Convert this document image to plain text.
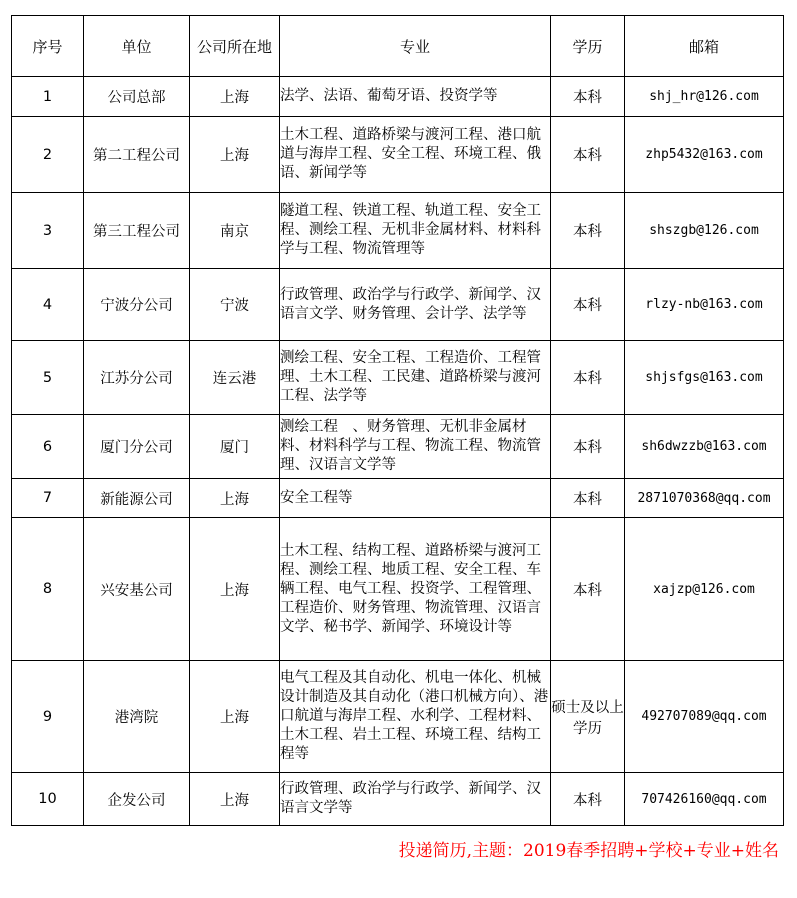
序号	单位	公司所在地	专业	学历	邮箱
1	公司总部	上海	法学、法语、葡萄牙语、投资学等	本科	shj_hr@126.com
2	第二工程公司	上海	土木工程、道路桥梁与渡河工程、港口航道与海岸工程、安全工程、环境工程、俄语、新闻学等	本科	zhp5432@163.com
3	第三工程公司	南京	隧道工程、铁道工程、轨道工程、安全工程、测绘工程、无机非金属材料、材料科学与工程、物流管理等	本科	shszgb@126.com
4	宁波分公司	宁波	行政管理、政治学与行政学、新闻学、汉语言文学、财务管理、会计学、法学等	本科	rlzy-nb@163.com
5	江苏分公司	连云港	测绘工程、安全工程、工程造价、工程管理、土木工程、工民建、道路桥梁与渡河工程、法学等	本科	shjsfgs@163.com
6	厦门分公司	厦门	测绘工程　、财务管理、无机非金属材料、材料科学与工程、物流工程、物流管理、汉语言文学等	本科	sh6dwzzb@163.com
7	新能源公司	上海	安全工程等	本科	2871070368@qq.com
8	兴安基公司	上海	土木工程、结构工程、道路桥梁与渡河工程、测绘工程、地质工程、安全工程、车辆工程、电气工程、投资学、工程管理、工程造价、财务管理、物流管理、汉语言文学、秘书学、新闻学、环境设计等	本科	xajzp@126.com
9	港湾院	上海	电气工程及其自动化、机电一体化、机械设计制造及其自动化（港口机械方向）、港口航道与海岸工程、水利学、工程材料、土木工程、岩土工程、环境工程、结构工程等	硕士及以上学历	492707089@qq.com
10	企发公司	上海	行政管理、政治学与行政学、新闻学、汉语言文学等	本科	707426160@qq.com
投递简历,主题：2019春季招聘+学校+专业+姓名
